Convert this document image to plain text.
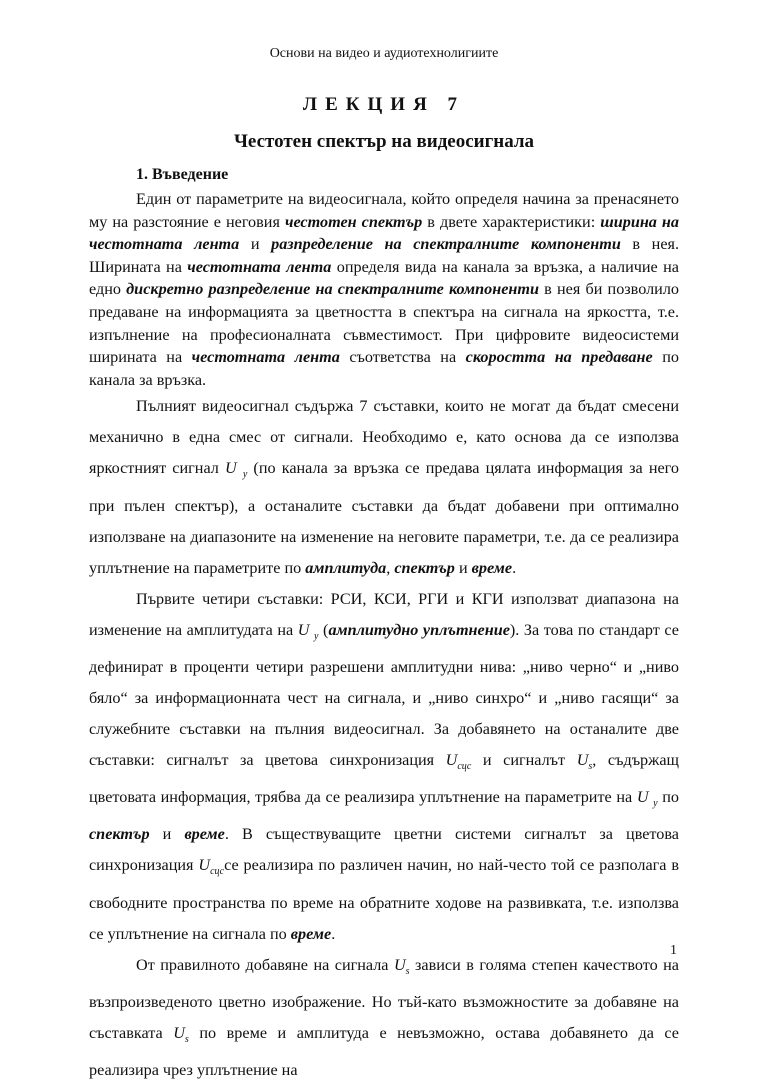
Основи на видео и аудиотехнолигиите
ЛЕКЦИЯ 7
Честотен спектър на видеосигнала
1. Въведение

Един от параметрите на видеосигнала, който определя начина за пренасянето му на разстояние е неговия честотен спектър в двете характеристики: ширина на честотната лента и разпределение на спектралните компоненти в нея. Ширината на честотната лента определя вида на канала за връзка, а наличие на едно дискретно разпределение на спектралните компоненти в нея би позволило предаване на информацията за цветността в спектъра на сигнала на яркостта, т.е. изпълнение на професионалната съвместимост. При цифровите видеосистеми ширината на честотната лента съответства на скоростта на предаване по канала за връзка.

Пълният видеосигнал съдържа 7 съставки, които не могат да бъдат смесени механично в една смес от сигнали. Необходимо е, като основа да се използва яркостният сигнал U $_y$ (по канала за връзка се предава цялата информация за него при пълен спектър), а останалите съставки да бъдат добавени при оптимално използване на диапазоните на изменение на неговите параметри, т.е. да се реализира уплътнение на параметрите по амплитуда, спектър и време.

Първите четири съставки: РСИ, КСИ, РГИ и КГИ използват диапазона на изменение на амплитудата на U $_y$ (амплитудно уплътнение). За това по стандарт се дефинират в проценти четири разрешени амплитудни нива: „ниво черно“ и „ниво бяло“ за информационната чест на сигнала, и „ниво синхро“ и „ниво гасящи“ за служебните съставки на пълния видеосигнал. За добавянето на останалите две съставки: сигналът за цветова синхронизация $U_{сцс}$ и сигналът $U_s$, съдържащ цветовата информация, трябва да се реализира уплътнение на параметрите на U $_y$ по спектър и време. В съществуващите цветни системи сигналът за цветова синхронизация $U_{сцс}се$ реализира по различен начин, но най-често той се разполага в свободните пространства по време на обратните ходове на развивката, т.е. използва се уплътнение на сигнала по време.

От правилното добавяне на сигнала $U_s$ зависи в голяма степен качеството на възпроизведеното цветно изображение. Но тъй-като възможностите за добавяне на съставката $U_s$ по време и амплитуда е невъзможно, остава добавянето да се реализира чрез уплътнение на

1
